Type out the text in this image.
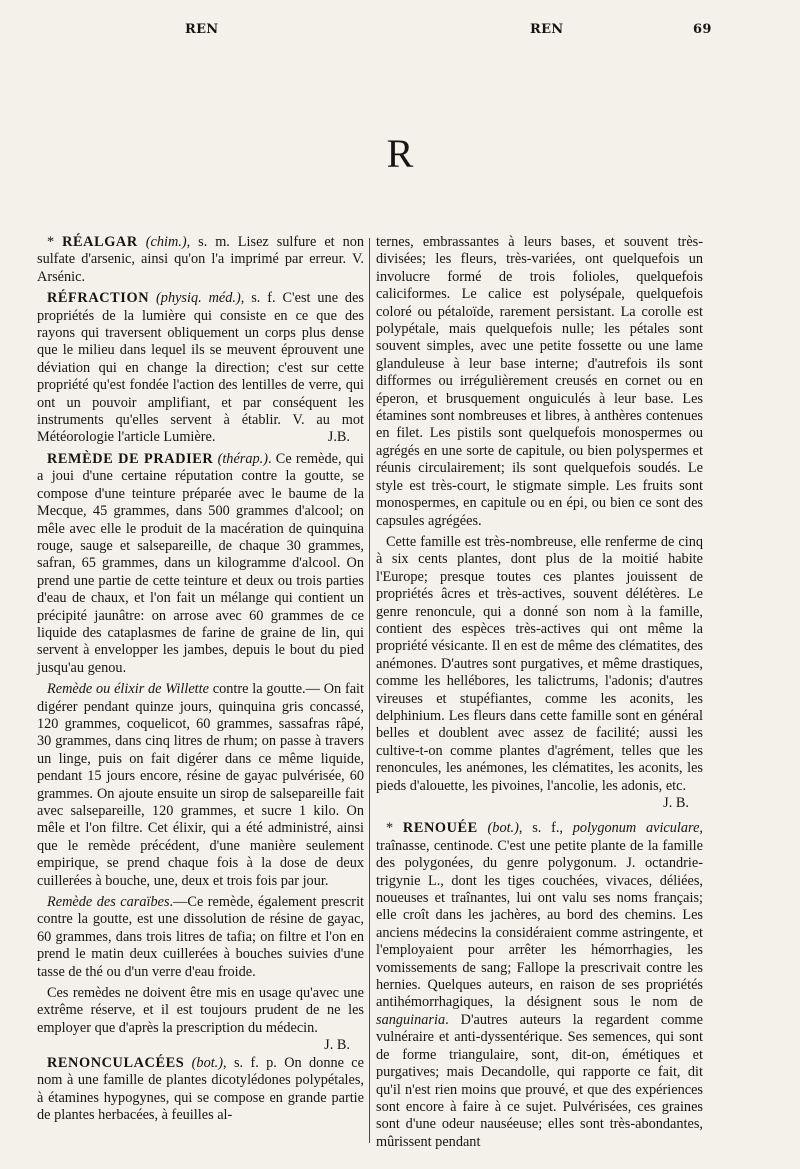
REN	REN	69
R

* RÉALGAR (chim.), s. m. Lisez sulfure et non sulfate d'arsenic, ainsi qu'on l'a imprimé par erreur. V. Arsénic.

RÉFRACTION (physiq. méd.), s. f. C'est une des propriétés de la lumière qui consiste en ce que des rayons qui traversent obliquement un corps plus dense que le milieu dans lequel ils se meuvent éprouvent une déviation qui en change la direction; c'est sur cette propriété qu'est fondée l'action des lentilles de verre, qui ont un pouvoir amplifiant, et par conséquent les instruments qu'elles servent à établir. V. au mot Météorologie l'article Lumière.	J.B.

REMÈDE DE PRADIER (thérap.). Ce remède, qui a joui d'une certaine réputation contre la goutte, se compose d'une teinture préparée avec le baume de la Mecque, 45 grammes, dans 500 grammes d'alcool; on mêle avec elle le produit de la macération de quinquina rouge, sauge et salsepareille, de chaque 30 grammes, safran, 65 grammes, dans un kilogramme d'alcool. On prend une partie de cette teinture et deux ou trois parties d'eau de chaux, et l'on fait un mélange qui contient un précipité jaunâtre: on arrose avec 60 grammes de ce liquide des cataplasmes de farine de graine de lin, qui servent à envelopper les jambes, depuis le bout du pied jusqu'au genou.

Remède ou élixir de Willette contre la goutte.— On fait digérer pendant quinze jours, quinquina gris concassé, 120 grammes, coquelicot, 60 grammes, sassafras râpé, 30 grammes, dans cinq litres de rhum; on passe à travers un linge, puis on fait digérer dans ce même liquide, pendant 15 jours encore, résine de gayac pulvérisée, 60 grammes. On ajoute ensuite un sirop de salsepareille fait avec salsepareille, 120 grammes, et sucre 1 kilo. On mêle et l'on filtre. Cet élixir, qui a été administré, ainsi que le remède précédent, d'une manière seulement empirique, se prend chaque fois à la dose de deux cuillerées à bouche, une, deux et trois fois par jour.

Remède des caraïbes.—Ce remède, également prescrit contre la goutte, est une dissolution de résine de gayac, 60 grammes, dans trois litres de tafia; on filtre et l'on en prend le matin deux cuillerées à bouches suivies d'une tasse de thé ou d'un verre d'eau froide.

Ces remèdes ne doivent être mis en usage qu'avec une extrême réserve, et il est toujours prudent de ne les employer que d'après la prescription du médecin.
J. B.

RENONCULACÉES (bot.), s. f. p. On donne ce nom à une famille de plantes dicotylédones polypétales, à étamines hypogynes, qui se compose en grande partie de plantes herbacées, à feuilles al-

ternes, embrassantes à leurs bases, et souvent très-divisées; les fleurs, très-variées, ont quelquefois un involucre formé de trois folioles, quelquefois caliciformes. Le calice est polysépale, quelquefois coloré ou pétaloïde, rarement persistant. La corolle est polypétale, mais quelquefois nulle; les pétales sont souvent simples, avec une petite fossette ou une lame glanduleuse à leur base interne; d'autrefois ils sont difformes ou irrégulièrement creusés en cornet ou en éperon, et brusquement onguiculés à leur base. Les étamines sont nombreuses et libres, à anthères contenues en filet. Les pistils sont quelquefois monospermes ou agrégés en une sorte de capitule, ou bien polyspermes et réunis circulairement; ils sont quelquefois soudés. Le style est très-court, le stigmate simple. Les fruits sont monospermes, en capitule ou en épi, ou bien ce sont des capsules agrégées.

Cette famille est très-nombreuse, elle renferme de cinq à six cents plantes, dont plus de la moitié habite l'Europe; presque toutes ces plantes jouissent de propriétés âcres et très-actives, souvent délétères. Le genre renoncule, qui a donné son nom à la famille, contient des espèces très-actives qui ont même la propriété vésicante. Il en est de même des clématites, des anémones. D'autres sont purgatives, et même drastiques, comme les hellébores, les talictrums, l'adonis; d'autres vireuses et stupéfiantes, comme les aconits, les delphinium. Les fleurs dans cette famille sont en général belles et doublent avec assez de facilité; aussi les cultive-t-on comme plantes d'agrément, telles que les renoncules, les anémones, les clématites, les aconits, les pieds d'alouette, les pivoines, l'ancolie, les adonis, etc.
J. B.

* RENOUÉE (bot.), s. f., polygonum aviculare, traînasse, centinode. C'est une petite plante de la famille des polygonées, du genre polygonum. J. octandrie-trigynie L., dont les tiges couchées, vivaces, déliées, noueuses et traînantes, lui ont valu ses noms français; elle croît dans les jachères, au bord des chemins. Les anciens médecins la considéraient comme astringente, et l'employaient pour arrêter les hémorrhagies, les vomissements de sang; Fallope la prescrivait contre les hernies. Quelques auteurs, en raison de ses propriétés antihémorrhagiques, la désignent sous le nom de sanguinaria. D'autres auteurs la regardent comme vulnéraire et anti-dyssentérique. Ses semences, qui sont de forme triangulaire, sont, dit-on, émétiques et purgatives; mais Decandolle, qui rapporte ce fait, dit qu'il n'est rien moins que prouvé, et que des expériences sont encore à faire à ce sujet. Pulvérisées, ces graines sont d'une odeur nauséeuse; elles sont très-abondantes, mûrissent pendant
